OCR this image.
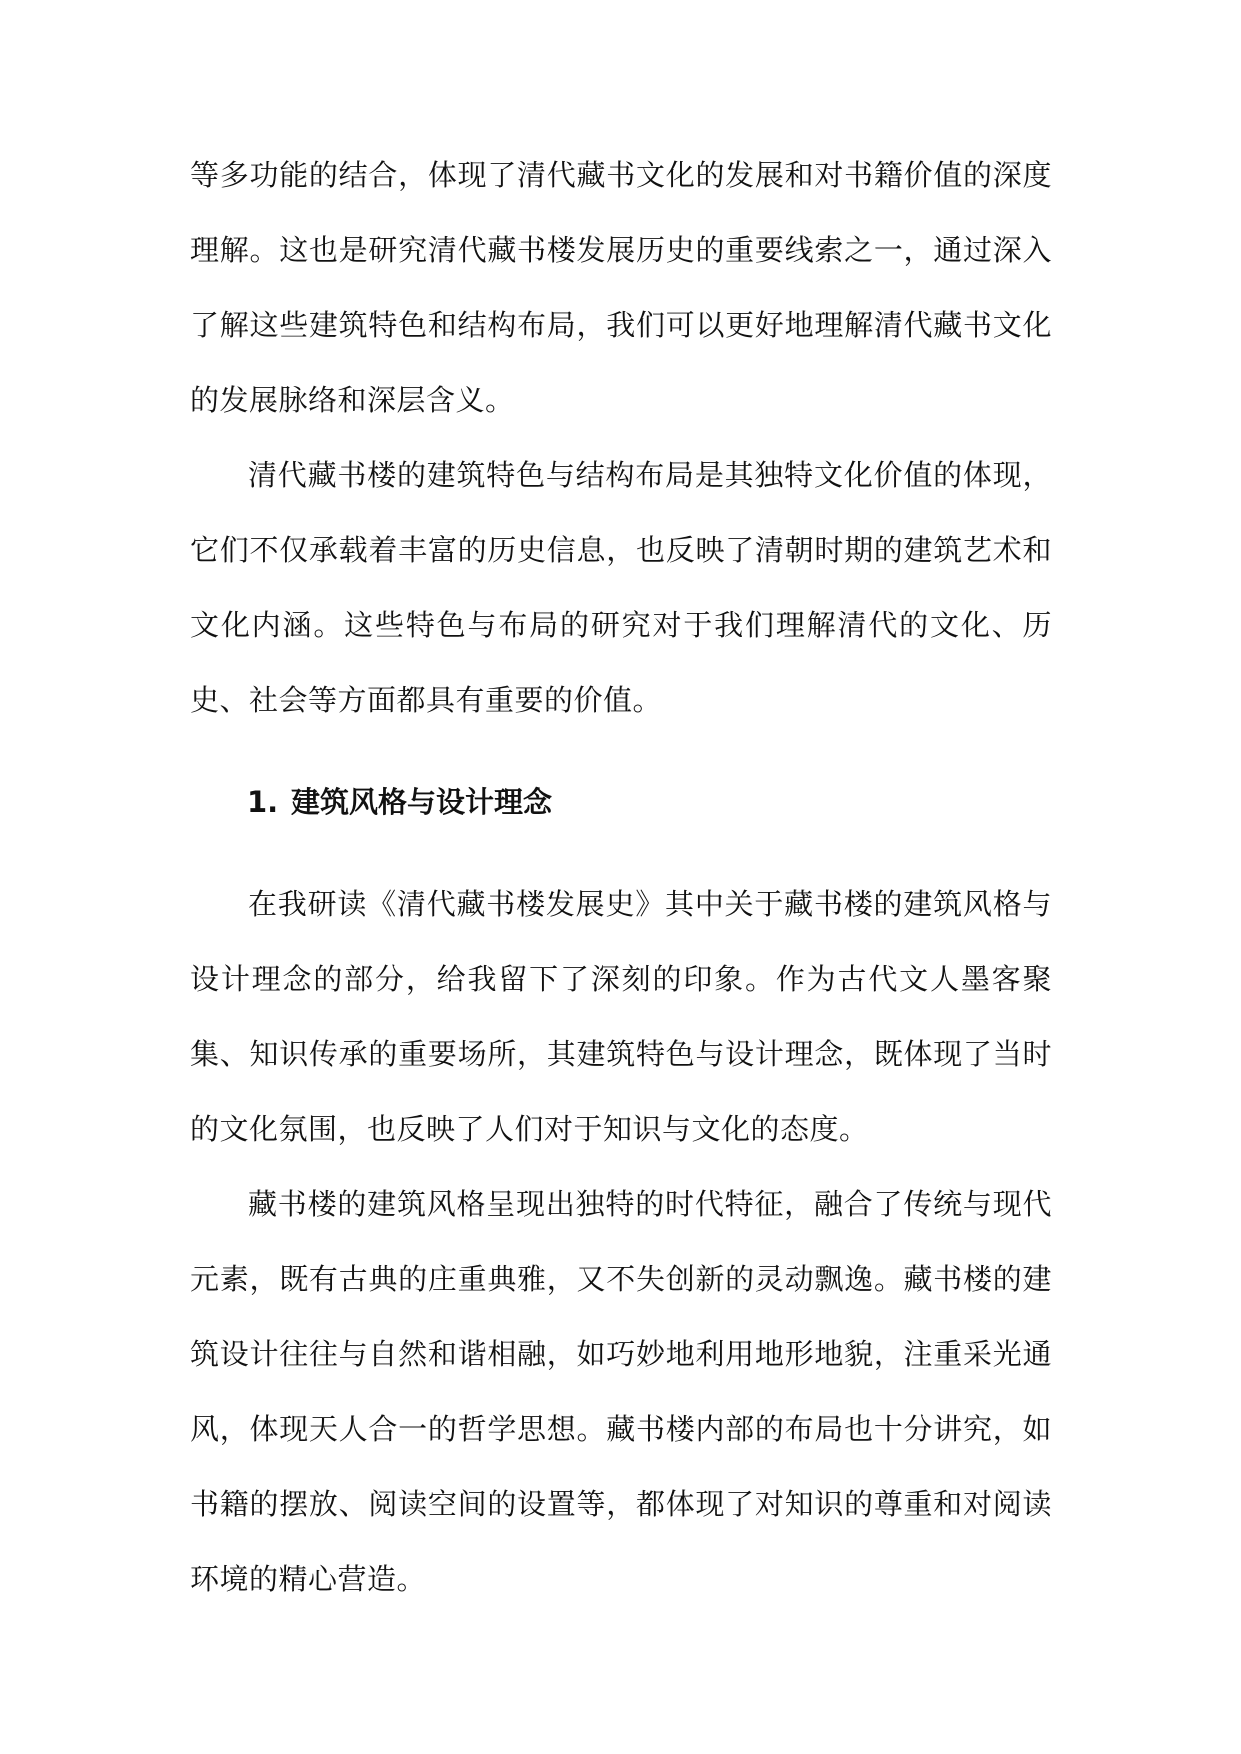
等多功能的结合，体现了清代藏书文化的发展和对书籍价值的深度理解。这也是研究清代藏书楼发展历史的重要线索之一，通过深入了解这些建筑特色和结构布局，我们可以更好地理解清代藏书文化的发展脉络和深层含义。

清代藏书楼的建筑特色与结构布局是其独特文化价值的体现，它们不仅承载着丰富的历史信息，也反映了清朝时期的建筑艺术和文化内涵。这些特色与布局的研究对于我们理解清代的文化、历史、社会等方面都具有重要的价值。

1. 建筑风格与设计理念

在我研读《清代藏书楼发展史》其中关于藏书楼的建筑风格与设计理念的部分，给我留下了深刻的印象。作为古代文人墨客聚集、知识传承的重要场所，其建筑特色与设计理念，既体现了当时的文化氛围，也反映了人们对于知识与文化的态度。

藏书楼的建筑风格呈现出独特的时代特征，融合了传统与现代元素，既有古典的庄重典雅，又不失创新的灵动飘逸。藏书楼的建筑设计往往与自然和谐相融，如巧妙地利用地形地貌，注重采光通风，体现天人合一的哲学思想。藏书楼内部的布局也十分讲究，如书籍的摆放、阅读空间的设置等，都体现了对知识的尊重和对阅读环境的精心营造。
